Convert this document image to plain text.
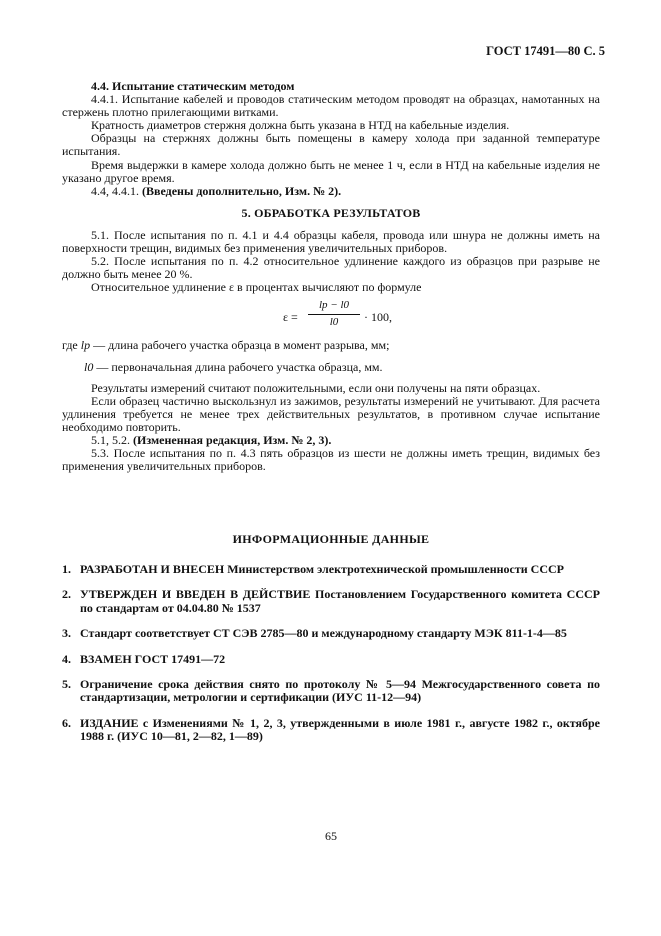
ГОСТ 17491—80 С. 5

4.4. Испытание статическим методом

4.4.1. Испытание кабелей и проводов статическим методом проводят на образцах, намотанных на стержень плотно прилегающими витками.

Кратность диаметров стержня должна быть указана в НТД на кабельные изделия.

Образцы на стержнях должны быть помещены в камеру холода при заданной температуре испытания.

Время выдержки в камере холода должно быть не менее 1 ч, если в НТД на кабельные изделия не указано другое время.

4.4, 4.4.1. (Введены дополнительно, Изм. № 2).

5. ОБРАБОТКА РЕЗУЛЬТАТОВ

5.1. После испытания по п. 4.1 и 4.4 образцы кабеля, провода или шнура не должны иметь на поверхности трещин, видимых без применения увеличительных приборов.

5.2. После испытания по п. 4.2 относительное удлинение каждого из образцов при разрыве не должно быть менее 20 %.

Относительное удлинение ε в процентах вычисляют по формуле

ε =
lр − l0
l0	· 100,

где lр — длина рабочего участка образца в момент разрыва, мм;

l0 — первоначальная длина рабочего участка образца, мм.

Результаты измерений считают положительными, если они получены на пяти образцах.

Если образец частично выскользнул из зажимов, результаты измерений не учитывают. Для расчета удлинения требуется не менее трех действительных результатов, в противном случае испытание необходимо повторить.

5.1, 5.2. (Измененная редакция, Изм. № 2, 3).

5.3. После испытания по п. 4.3 пять образцов из шести не должны иметь трещин, видимых без применения увеличительных приборов.

ИНФОРМАЦИОННЫЕ ДАННЫЕ
1. РАЗРАБОТАН И ВНЕСЕН Министерством электротехнической промышленности СССР
2. УТВЕРЖДЕН И ВВЕДЕН В ДЕЙСТВИЕ Постановлением Государственного комитета СССР по стандартам от 04.04.80 № 1537
3. Стандарт соответствует СТ СЭВ 2785—80 и международному стандарту МЭК 811-1-4—85
4. ВЗАМЕН ГОСТ 17491—72
5. Ограничение срока действия снято по протоколу № 5—94 Межгосударственного совета по стандартизации, метрологии и сертификации (ИУС 11-12—94)
6. ИЗДАНИЕ с Изменениями № 1, 2, 3, утвержденными в июле 1981 г., августе 1982 г., октябре 1988 г. (ИУС 10—81, 2—82, 1—89)
65
